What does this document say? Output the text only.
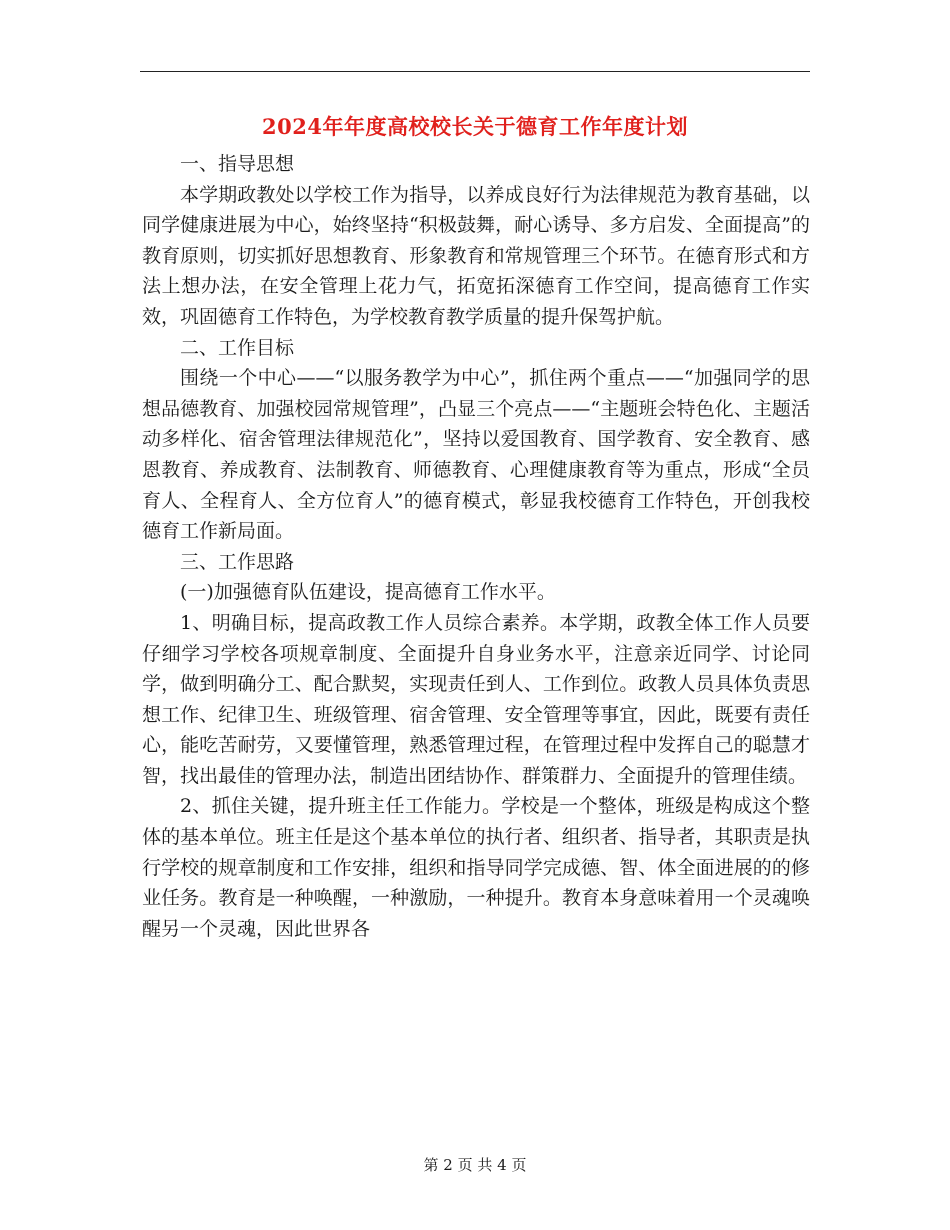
2024年年度高校校长关于德育工作年度计划

一、指导思想

本学期政教处以学校工作为指导，以养成良好行为法律规范为教育基础，以同学健康进展为中心，始终坚持“积极鼓舞，耐心诱导、多方启发、全面提高”的教育原则，切实抓好思想教育、形象教育和常规管理三个环节。在德育形式和方法上想办法，在安全管理上花力气，拓宽拓深德育工作空间，提高德育工作实效，巩固德育工作特色，为学校教育教学质量的提升保驾护航。

二、工作目标

围绕一个中心——“以服务教学为中心”，抓住两个重点——“加强同学的思想品德教育、加强校园常规管理”，凸显三个亮点——“主题班会特色化、主题活动多样化、宿舍管理法律规范化”，坚持以爱国教育、国学教育、安全教育、感恩教育、养成教育、法制教育、师德教育、心理健康教育等为重点，形成“全员育人、全程育人、全方位育人”的德育模式，彰显我校德育工作特色，开创我校德育工作新局面。

三、工作思路

(一)加强德育队伍建设，提高德育工作水平。

1、明确目标，提高政教工作人员综合素养。本学期，政教全体工作人员要仔细学习学校各项规章制度、全面提升自身业务水平，注意亲近同学、讨论同学，做到明确分工、配合默契，实现责任到人、工作到位。政教人员具体负责思想工作、纪律卫生、班级管理、宿舍管理、安全管理等事宜，因此，既要有责任心，能吃苦耐劳，又要懂管理，熟悉管理过程，在管理过程中发挥自己的聪慧才智，找出最佳的管理办法，制造出团结协作、群策群力、全面提升的管理佳绩。

2、抓住关键，提升班主任工作能力。学校是一个整体，班级是构成这个整体的基本单位。班主任是这个基本单位的执行者、组织者、指导者，其职责是执行学校的规章制度和工作安排，组织和指导同学完成德、智、体全面进展的的修业任务。教育是一种唤醒，一种激励，一种提升。教育本身意味着用一个灵魂唤醒另一个灵魂，因此世界各

第 2 页 共 4 页
